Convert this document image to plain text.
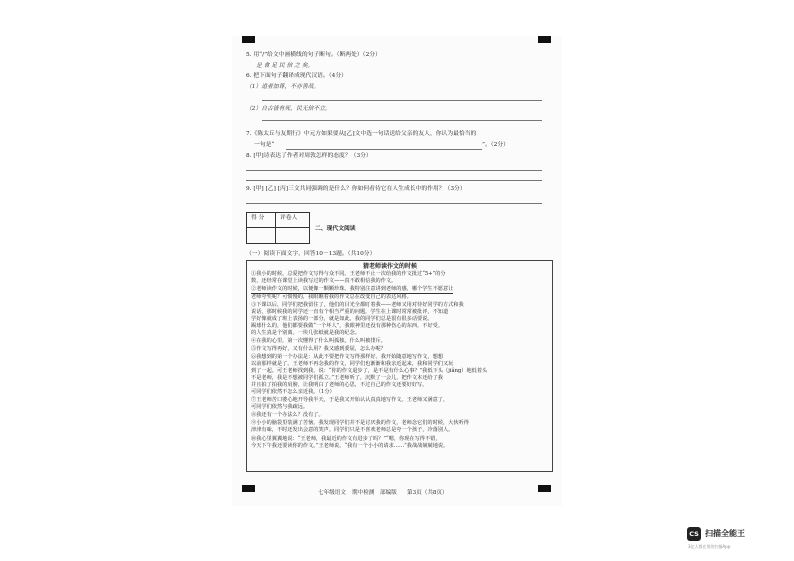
5. 用“/”给文中画横线的句子断句。（断两处）（2分）
是 食 足 民 信 之 矣。
6. 把下面句子翻译成现代汉语。（4分）
（1）道者加尊，不亦善哉。
（2）自古皆有死，民无信不立。
7.《陈太丘与友期行》中元方如果要从[乙]文中选一句话送给父亲的友人，你认为最恰当的
一句是“	”。（2分）
8. [甲]诗表达了作者对周敦怎样的态度？（3分）
9. [甲] [乙] [丙]三文共同强调的是什么？你如何看待它在人生成长中的作用？（3分）
得 分	评卷人
二、现代文阅读
（一）阅读下面文字，回答10－13题。（共10分）
猜老师读作文的时候
①我小的时候，总爱把作文写得与众不同。王老师不止一次给我的作文批过“5+”的分
数，还经常在课堂上读我写过的作文——真不敢相信我的作文。
②老师读作文的时候，以便像一颗颗珍珠。我特别注意讲到老师的感，哪个学生不愿意让
老师夸奖呢？可惯慢的，我眼瞧着我的作文总在改变自己的表达风格。
③下课以后，同学们把我留住了，他们的目光全都盯着我——老师又用对待好同学的方式和我
说话，那时候我的同学还一直有个相当严重的问题，学生在上课时常常被批评，不知道
学好像就成了班上表扬的一部分，就是如此，我的同学们总是很有很多话要说。
踢球什么的，他们都要我做“一个坏人”，我眼神里还没有那种伤心的东西，不好受。
的人生真是个别离。一块几张纸就是我的纪念。
④在我的心里，第一次懂得了什么叫孤独，什么叫被排斥。
⑤作文写得再好，又有什么用？我又感到委屈，怎么办呢？
⑥我想到的第一个办法是：从此不要把作文写得那样好。我开始随意地写作文，想想
以前那样就是了。王老师不再念我的作文，同学们也渐渐和我亲近起来，我和同学们又玩
到了一起。可王老师找到我，说：“你的作文退步了，是不是有什么心事？”我低下头（jiǎng）地低着头
不是老师，我是不想被同学们孤立。”王老师听了，沉默了一会儿，把作文本还给了我
并且拍了拍我的肩膀，让我明白了老师的心思，不过自己的作文还要好好写。
可同学们依然不怎么亲近我。（1分）
⑦王老师苦口婆心地开导我半天，于是我又开始认认真真地写作文。王老师又满意了，
可同学们依然与我疏远。
⑧我还有一个办法么？没有了。
⑨小小的脑袋里装满了苦恼，我发现同学们并不是讨厌我的作文，老师念它们的时候，大伙听得
津津有味，不时还发出会意的笑声。同学们只是不喜欢老师总是夸一个孩子，冷落别人。
⑩我心里翼翼地说：“王老师，我最近的作文有进步了吗？”“嗯，你现在写得不错，
今天下午我还要读你的作文。”王老师说。“我有一个小小的请求……”我战战兢兢地说。
七年级语文 期中检测 部编版 第3页（共8页）
CS 扫描全能王
3亿人都在用的扫描App
